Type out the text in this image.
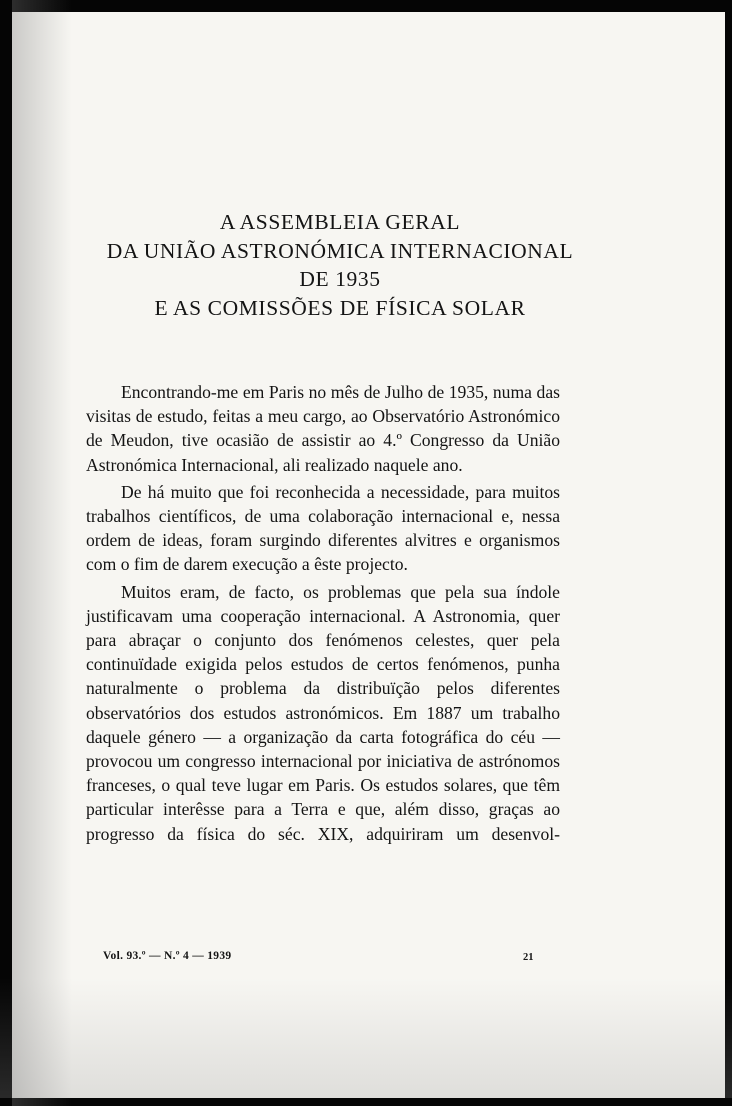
A ASSEMBLEIA GERAL
DA UNIÃO ASTRONÓMICA INTERNACIONAL
DE 1935
E AS COMISSÕES DE FÍSICA SOLAR

Encontrando-me em Paris no mês de Julho de 1935, numa das visitas de estudo, feitas a meu cargo, ao Observatório Astronómico de Meudon, tive ocasião de assistir ao 4.º Congresso da União Astronómica Internacional, ali realizado naquele ano.

De há muito que foi reconhecida a necessidade, para muitos trabalhos científicos, de uma colaboração internacional e, nessa ordem de ideas, foram surgindo diferentes alvitres e organismos com o fim de darem execução a êste projecto.

Muitos eram, de facto, os problemas que pela sua índole justificavam uma cooperação internacional. A Astronomia, quer para abraçar o conjunto dos fenómenos celestes, quer pela continuïdade exigida pelos estudos de certos fenómenos, punha naturalmente o problema da distribuïção pelos diferentes observatórios dos estudos astronómicos. Em 1887 um trabalho daquele género — a organização da carta fotográfica do céu — provocou um congresso internacional por iniciativa de astrónomos franceses, o qual teve lugar em Paris. Os estudos solares, que têm particular interêsse para a Terra e que, além disso, graças ao progresso da física do séc. XIX, adquiriram um desenvol-

Vol. 93.º — N.º 4 — 1939	21
